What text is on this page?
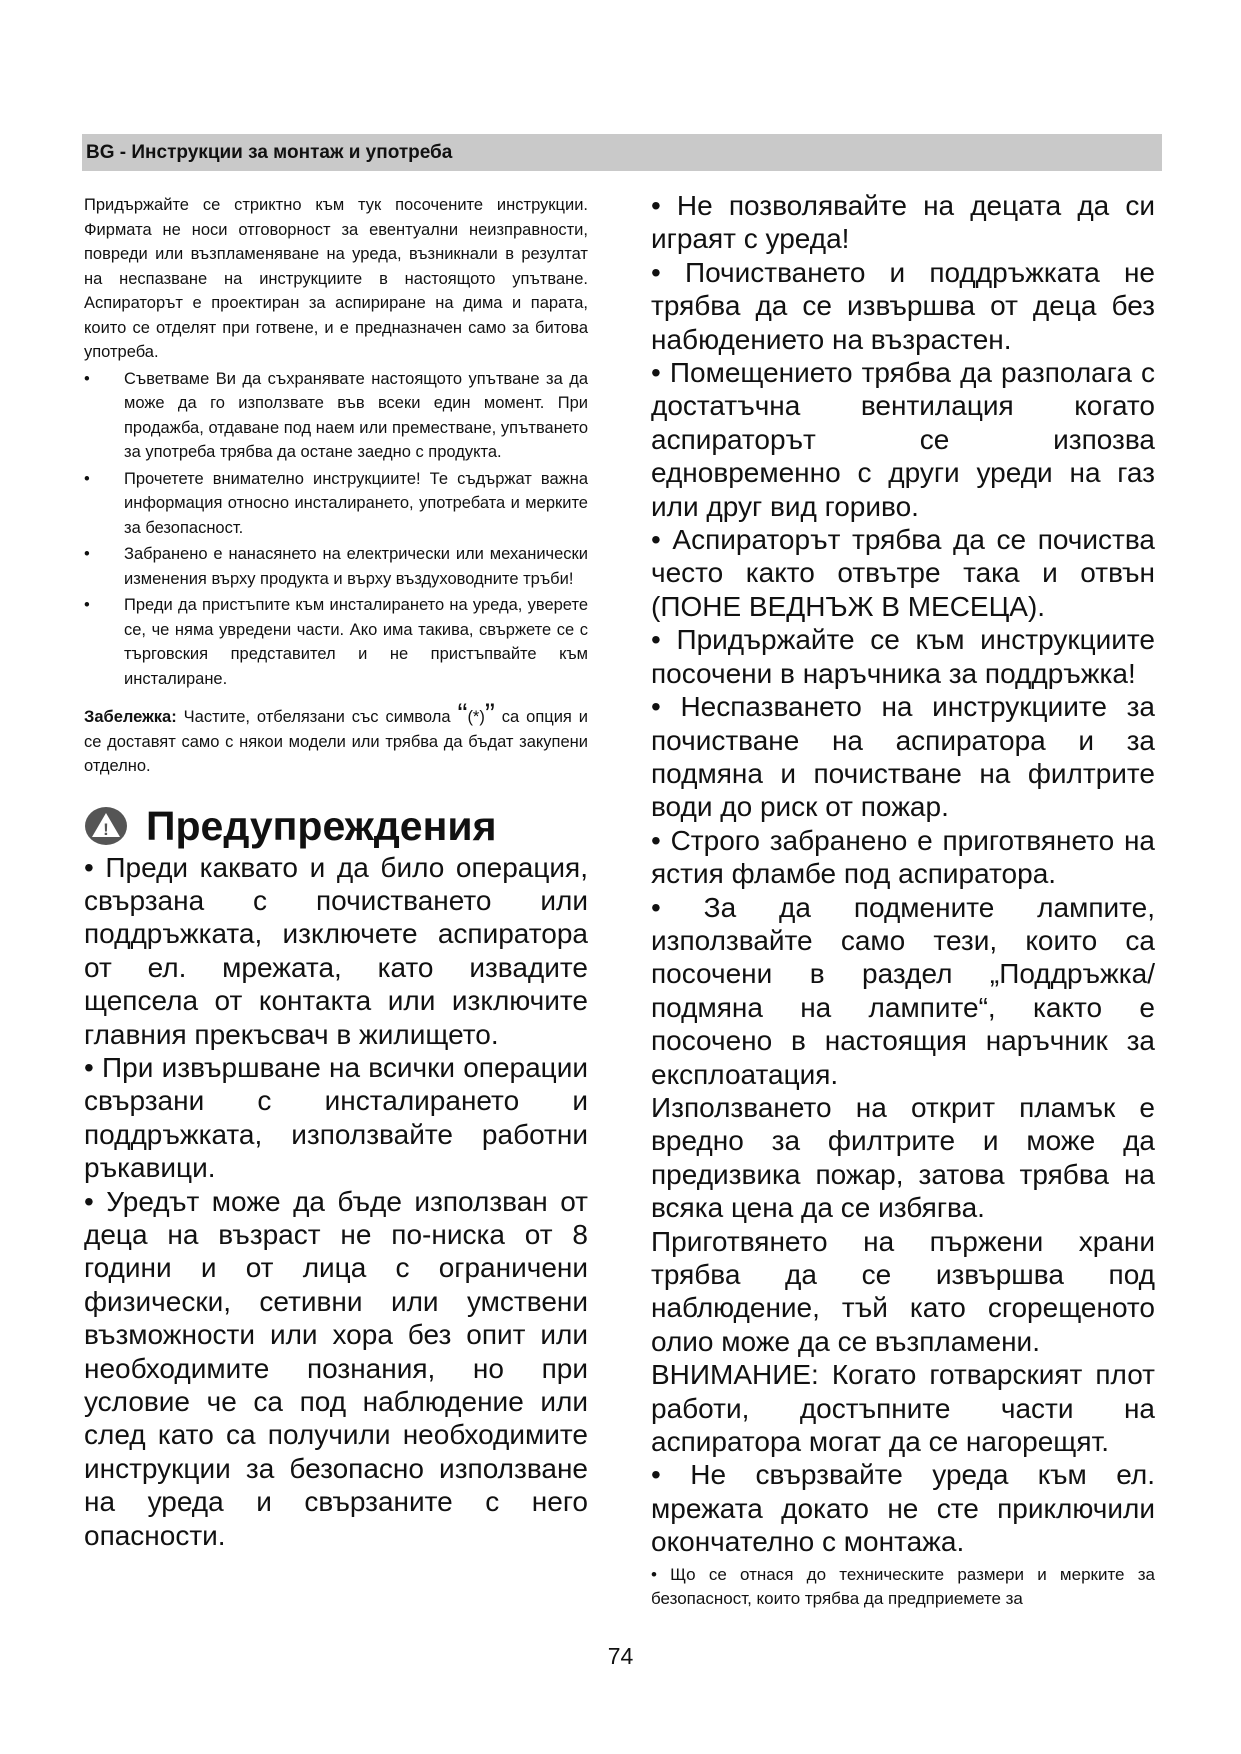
BG - Инструкции за монтаж и употреба

Придържайте се стриктно към тук посочените инструкции. Фирмата не носи отговорност за евентуални неизправности, повреди или възпламеняване на уреда, възникнали в резултат на неспазване на инструкциите в настоящото упътване. Аспираторът е проектиран за аспириране на дима и парата, които се отделят при готвене, и е предназначен само за битова употреба.

• Съветваме Ви да съхранявате настоящото упътване за да може да го използвате във всеки един момент. При продажба, отдаване под наем или преместване, упътването за употреба трябва да остане заедно с продукта.
• Прочетете внимателно инструкциите! Те съдържат важна информация относно инсталирането, употребата и мерките за безопасност.
• Забранено е нанасянето на електрически или механически изменения върху продукта и върху въздуховодните тръби!
• Преди да пристъпите към инсталирането на уреда, уверете се, че няма увредени части. Ако има такива, свържете се с търговския представител и не пристъпвайте към инсталиране.
Забележка: Частите, отбелязани със символа “(*)” са опция и се доставят само с някои модели или трябва да бъдат закупени отделно.
! Предупреждения

• Преди каквато и да било операция, свързана с почистването или поддръжката, изключете аспиратора от ел. мрежата, като извадите щепсела от контакта или изключите главния прекъсвач в жилището.

• При извършване на всички операции свързани с инсталирането и поддръжката, използвайте работни ръкавици.

• Уредът може да бъде използван от деца на възраст не по-ниска от 8 години и от лица с ограничени физически, сетивни или умствени възможности или хора без опит или необходимите познания, но при условие че са под наблюдение или след като са получили необходимите инструкции за безопасно използване на уреда и свързаните с него опасности.

• Не позволявайте на децата да си играят с уреда!

• Почистването и поддръжката не трябва да се извършва от деца без набюдението на възрастен.

• Помещението трябва да разполага с достатъчна вентилация когато аспираторът се изпозва едновременно с други уреди на газ или друг вид гориво.

• Аспираторът трябва да се почиства често както отвътре така и отвън (ПОНЕ ВЕДНЪЖ В МЕСЕЦА).

• Придържайте се към инструкциите посочени в наръчника за поддръжка!

• Неспазването на инструкциите за почистване на аспиратора и за подмяна и почистване на филтрите води до риск от пожар.

• Строго забранено е приготвянето на ястия фламбе под аспиратора.

• За да подмените лампите, използвайте само тези, които са посочени в раздел „Поддръжка/подмяна на лампите“, както е посочено в настоящия наръчник за експлоатация.

Използването на открит пламък е вредно за филтрите и може да предизвика пожар, затова трябва на всяка цена да се избягва.

Приготвянето на пържени храни трябва да се извършва под наблюдение, тъй като сгорещеното олио може да се възпламени.

ВНИМАНИЕ: Когато готварският плот работи, достъпните части на аспиратора могат да се нагорещят.

• Не свързвайте уреда към ел. мрежата докато не сте приключили окончателно с монтажа.

• Що се отнася до техническите размери и мерките за безопасност, които трябва да предприемете за

74
